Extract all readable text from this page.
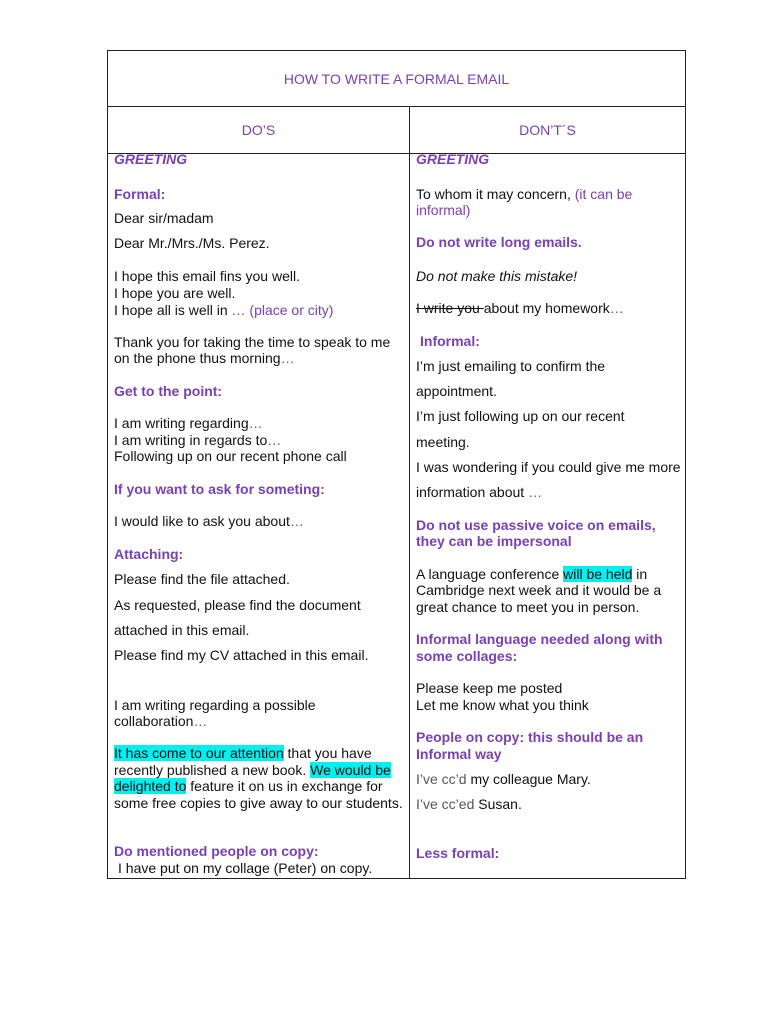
HOW TO WRITE A FORMAL EMAIL
DO’S	DON’T´S
GREETING
Formal:
Dear sir/madam
Dear Mr./Mrs./Ms. Perez.
I hope this email fins you well.
I hope you are well.
I hope all is well in … (place or city)
Thank you for taking the time to speak to me
on the phone thus morning…
Get to the point:
I am writing regarding…
I am writing in regards to…
Following up on our recent phone call
If you want to ask for someting:
I would like to ask you about…
Attaching:
Please find the file attached.
As requested, please find the document
attached in this email.
Please find my CV attached in this email.
I am writing regarding a possible
collaboration…
It has come to our attention that you have
recently published a new book. We would be
delighted to feature it on us in exchange for
some free copies to give away to our students.
Do mentioned people on copy:
I have put on my collage (Peter) on copy.
GREETING
To whom it may concern, (it can be
informal)
Do not write long emails.
Do not make this mistake!
I write you about my homework…
Informal:
I’m just emailing to confirm the
appointment.
I’m just following up on our recent
meeting.
I was wondering if you could give me more
information about …
Do not use passive voice on emails,
they can be impersonal
A language conference will be held in
Cambridge next week and it would be a
great chance to meet you in person.
Informal language needed along with
some collages:
Please keep me posted
Let me know what you think
People on copy: this should be an
Informal way
I’ve cc’d my colleague Mary.
I’ve cc’ed Susan.
Less formal:
